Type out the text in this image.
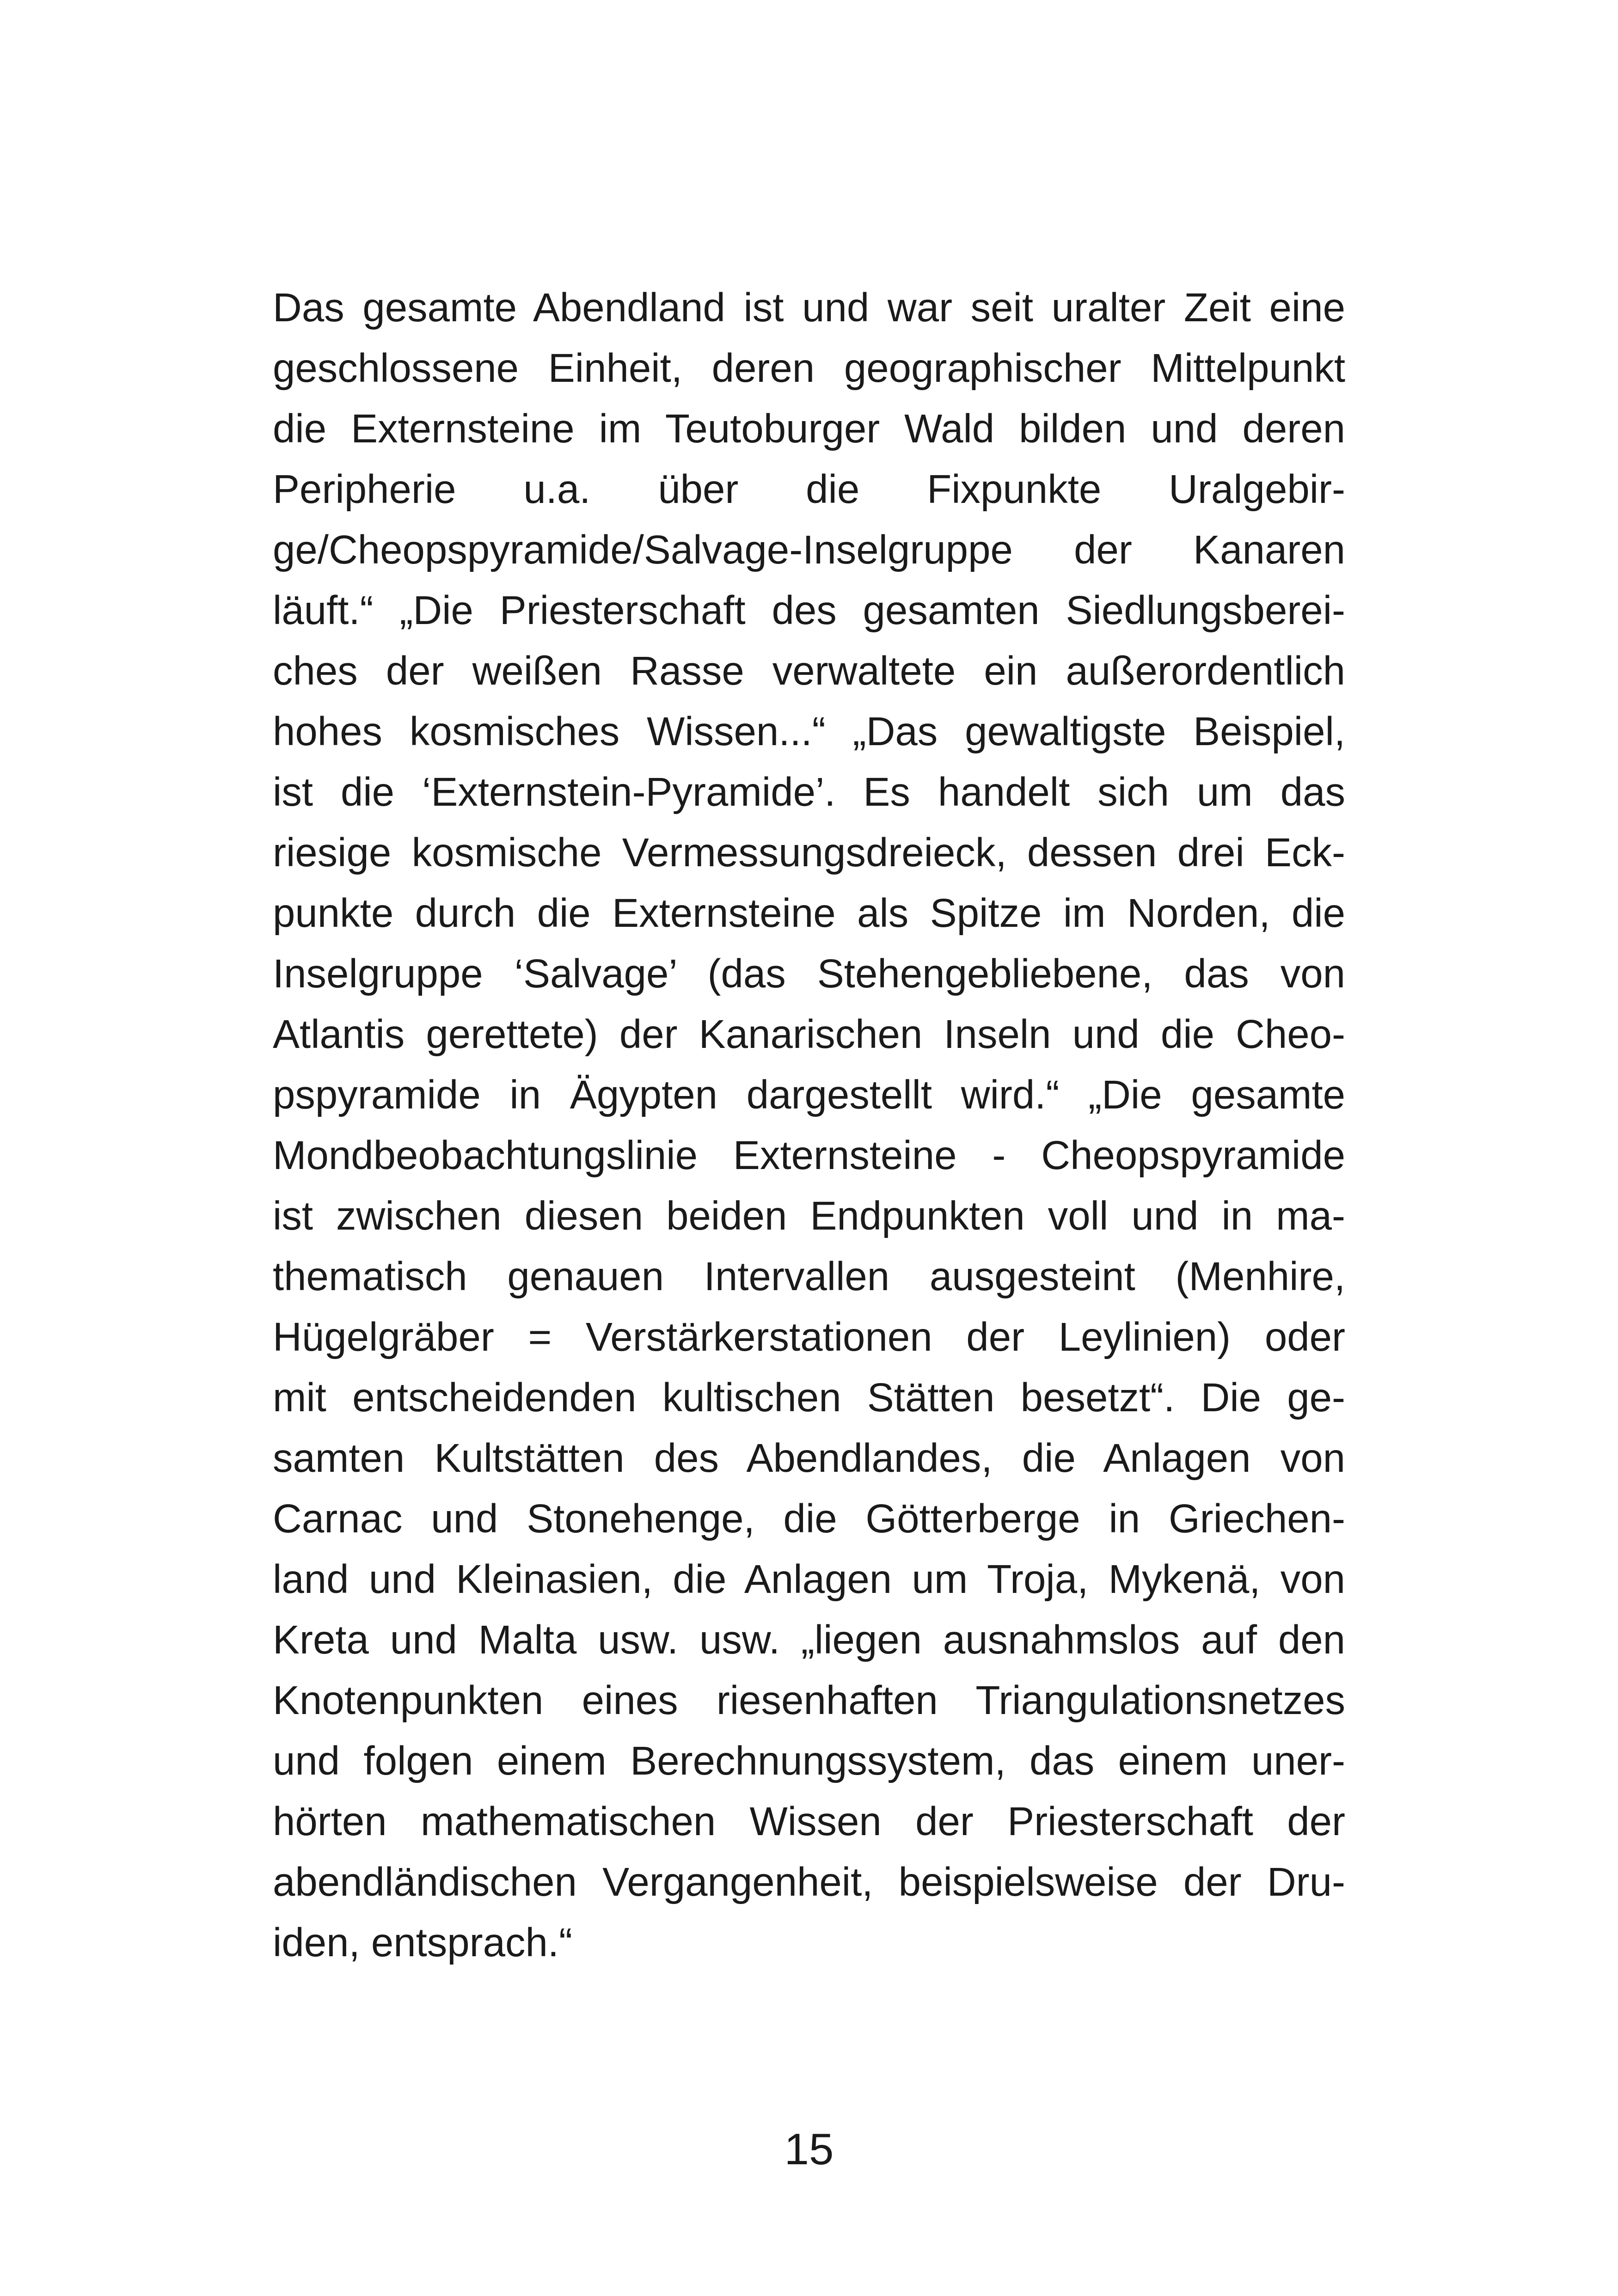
Das gesamte Abendland ist und war seit uralter Zeit eine
geschlossene Einheit, deren geographischer Mittelpunkt
die Externsteine im Teutoburger Wald bilden und deren
Peripherie u.a. über die Fixpunkte Uralgebir-
ge/Cheopspyramide/Salvage-Inselgruppe der Kanaren
läuft.“ „Die Priesterschaft des gesamten Siedlungsberei-
ches der weißen Rasse verwaltete ein außerordentlich
hohes kosmisches Wissen...“ „Das gewaltigste Beispiel,
ist die ‘Externstein-Pyramide’. Es handelt sich um das
riesige kosmische Vermessungsdreieck, dessen drei Eck-
punkte durch die Externsteine als Spitze im Norden, die
Inselgruppe ‘Salvage’ (das Stehengebliebene, das von
Atlantis gerettete) der Kanarischen Inseln und die Cheo-
pspyramide in Ägypten dargestellt wird.“ „Die gesamte
Mondbeobachtungslinie Externsteine - Cheopspyramide
ist zwischen diesen beiden Endpunkten voll und in ma-
thematisch genauen Intervallen ausgesteint (Menhire,
Hügelgräber = Verstärkerstationen der Leylinien) oder
mit entscheidenden kultischen Stätten besetzt“. Die ge-
samten Kultstätten des Abendlandes, die Anlagen von
Carnac und Stonehenge, die Götterberge in Griechen-
land und Kleinasien, die Anlagen um Troja, Mykenä, von
Kreta und Malta usw. usw. „liegen ausnahmslos auf den
Knotenpunkten eines riesenhaften Triangulationsnetzes
und folgen einem Berechnungssystem, das einem uner-
hörten mathematischen Wissen der Priesterschaft der
abendländischen Vergangenheit, beispielsweise der Dru-
iden, entsprach.“
15
